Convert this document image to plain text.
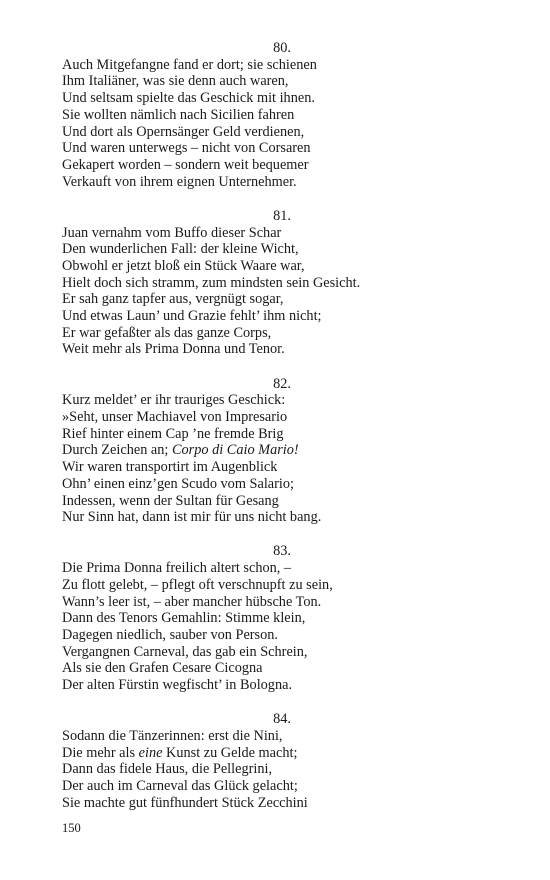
80.
Auch Mitgefangne fand er dort; sie schienen
Ihm Italiäner, was sie denn auch waren,
Und seltsam spielte das Geschick mit ihnen.
Sie wollten nämlich nach Sicilien fahren
Und dort als Opernsänger Geld verdienen,
Und waren unterwegs – nicht von Corsaren
Gekapert worden – sondern weit bequemer
Verkauft von ihrem eignen Unternehmer.
81.
Juan vernahm vom Buffo dieser Schar
Den wunderlichen Fall: der kleine Wicht,
Obwohl er jetzt bloß ein Stück Waare war,
Hielt doch sich stramm, zum mindsten sein Gesicht.
Er sah ganz tapfer aus, vergnügt sogar,
Und etwas Laun’ und Grazie fehlt’ ihm nicht;
Er war gefaßter als das ganze Corps,
Weit mehr als Prima Donna und Tenor.
82.
Kurz meldet’ er ihr trauriges Geschick:
»Seht, unser Machiavel von Impresario
Rief hinter einem Cap ’ne fremde Brig
Durch Zeichen an; Corpo di Caio Mario!
Wir waren transportirt im Augenblick
Ohn’ einen einz’gen Scudo vom Salario;
Indessen, wenn der Sultan für Gesang
Nur Sinn hat, dann ist mir für uns nicht bang.
83.
Die Prima Donna freilich altert schon, –
Zu flott gelebt, – pflegt oft verschnupft zu sein,
Wann’s leer ist, – aber mancher hübsche Ton.
Dann des Tenors Gemahlin: Stimme klein,
Dagegen niedlich, sauber von Person.
Vergangnen Carneval, das gab ein Schrein,
Als sie den Grafen Cesare Cicogna
Der alten Fürstin wegfischt’ in Bologna.
84.
Sodann die Tänzerinnen: erst die Nini,
Die mehr als eine Kunst zu Gelde macht;
Dann das fidele Haus, die Pellegrini,
Der auch im Carneval das Glück gelacht;
Sie machte gut fünfhundert Stück Zecchini
150
